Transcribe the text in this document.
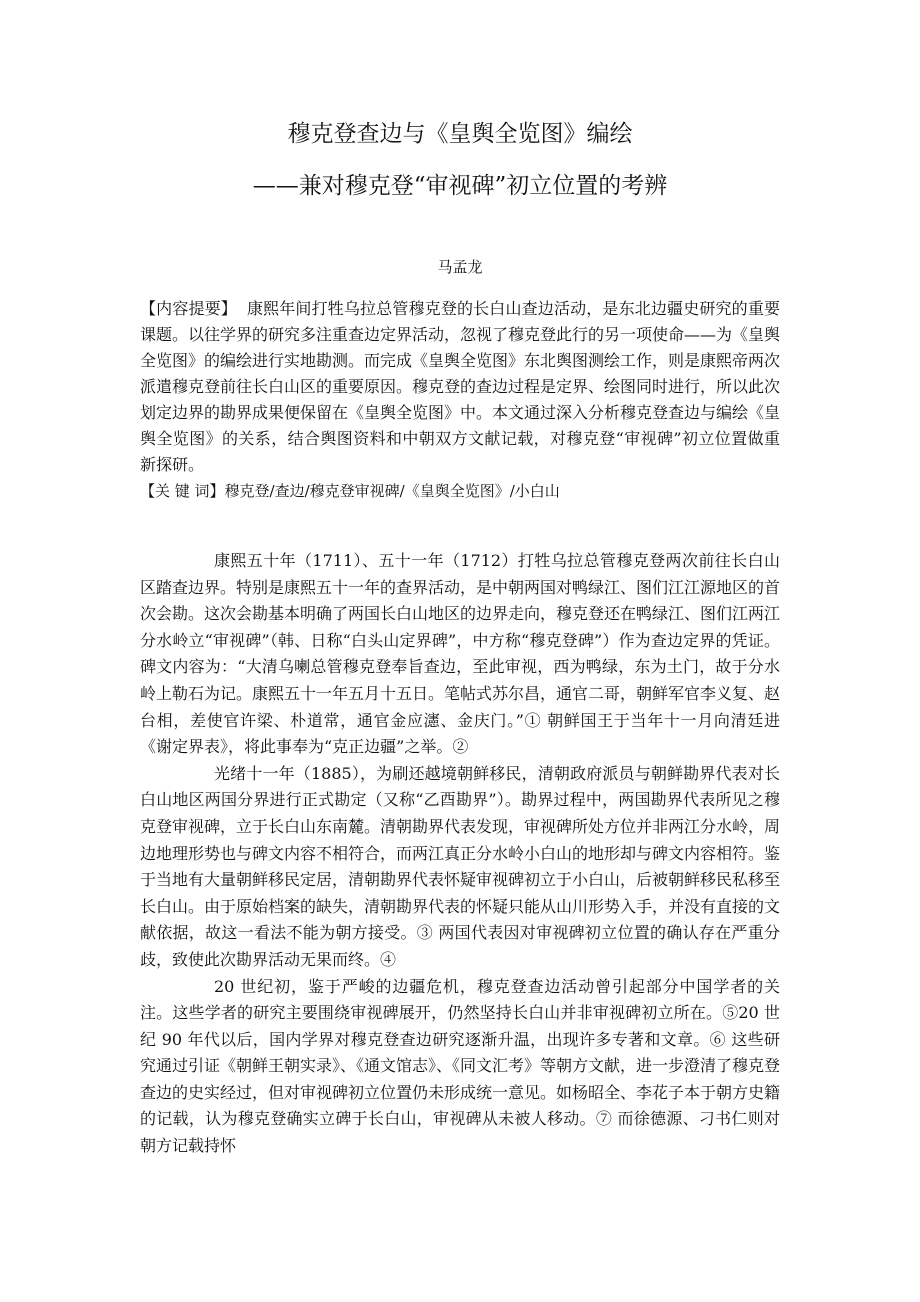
穆克登查边与《皇舆全览图》编绘
——兼对穆克登“审视碑”初立位置的考辨
马孟龙
【内容提要】 康熙年间打牲乌拉总管穆克登的长白山查边活动，是东北边疆史研究的重要课题。以往学界的研究多注重查边定界活动，忽视了穆克登此行的另一项使命——为《皇舆全览图》的编绘进行实地勘测。而完成《皇舆全览图》东北舆图测绘工作，则是康熙帝两次派遣穆克登前往长白山区的重要原因。穆克登的查边过程是定界、绘图同时进行，所以此次划定边界的勘界成果便保留在《皇舆全览图》中。本文通过深入分析穆克登查边与编绘《皇舆全览图》的关系，结合舆图资料和中朝双方文献记载，对穆克登“审视碑”初立位置做重新探研。
【关 键 词】穆克登/查边/穆克登审视碑/《皇舆全览图》/小白山

康熙五十年（1711）、五十一年（1712）打牲乌拉总管穆克登两次前往长白山区踏查边界。特别是康熙五十一年的查界活动，是中朝两国对鸭绿江、图们江江源地区的首次会勘。这次会勘基本明确了两国长白山地区的边界走向，穆克登还在鸭绿江、图们江两江分水岭立“审视碑”（韩、日称“白头山定界碑”，中方称“穆克登碑”）作为查边定界的凭证。碑文内容为：“大清乌喇总管穆克登奉旨查边，至此审视，西为鸭绿，东为土门，故于分水岭上勒石为记。康熙五十一年五月十五日。笔帖式苏尔昌，通官二哥，朝鲜军官李义复、赵台相，差使官许梁、朴道常，通官金应瀗、金庆门。”① 朝鲜国王于当年十一月向清廷进《谢定界表》，将此事奉为“克正边疆”之举。②

光绪十一年（1885），为刷还越境朝鲜移民，清朝政府派员与朝鲜勘界代表对长白山地区两国分界进行正式勘定（又称“乙酉勘界”）。勘界过程中，两国勘界代表所见之穆克登审视碑，立于长白山东南麓。清朝勘界代表发现，审视碑所处方位并非两江分水岭，周边地理形势也与碑文内容不相符合，而两江真正分水岭小白山的地形却与碑文内容相符。鉴于当地有大量朝鲜移民定居，清朝勘界代表怀疑审视碑初立于小白山，后被朝鲜移民私移至长白山。由于原始档案的缺失，清朝勘界代表的怀疑只能从山川形势入手，并没有直接的文献依据，故这一看法不能为朝方接受。③ 两国代表因对审视碑初立位置的确认存在严重分歧，致使此次勘界活动无果而终。④

20 世纪初，鉴于严峻的边疆危机，穆克登查边活动曾引起部分中国学者的关注。这些学者的研究主要围绕审视碑展开，仍然坚持长白山并非审视碑初立所在。⑤20 世纪 90 年代以后，国内学界对穆克登查边研究逐渐升温，出现许多专著和文章。⑥ 这些研究通过引证《朝鲜王朝实录》、《通文馆志》、《同文汇考》等朝方文献，进一步澄清了穆克登查边的史实经过，但对审视碑初立位置仍未形成统一意见。如杨昭全、李花子本于朝方史籍的记载，认为穆克登确实立碑于长白山，审视碑从未被人移动。⑦ 而徐德源、刁书仁则对朝方记载持怀
